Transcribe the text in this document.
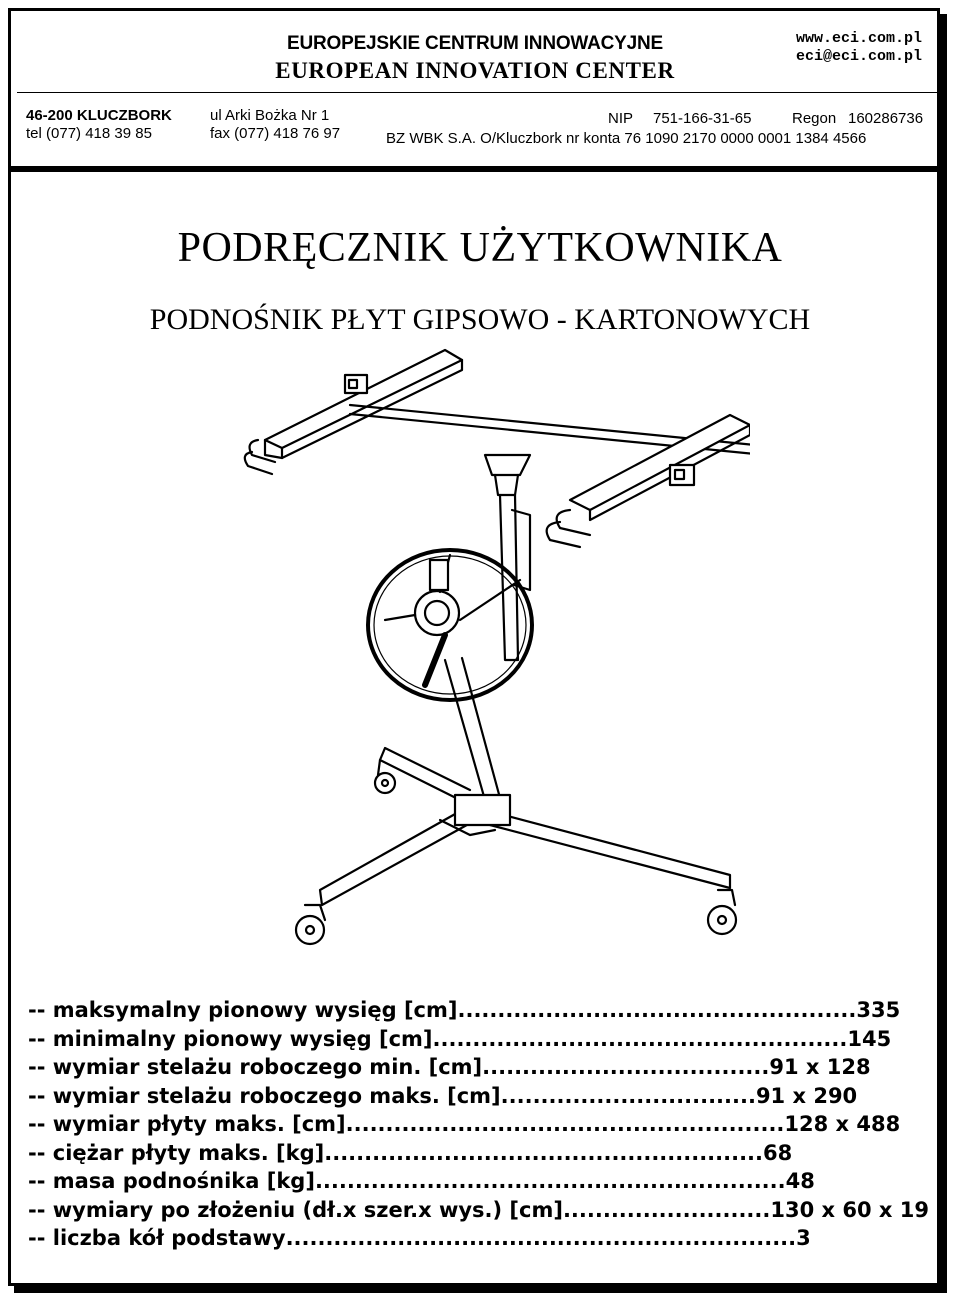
EUROPEJSKIE CENTRUM INNOWACYJNE
EUROPEAN INNOVATION CENTER
www.eci.com.pl
eci@eci.com.pl
46-200 KLUCZBORK
tel (077) 418 39 85
ul Arki Bożka Nr 1
fax (077) 418 76 97
NIP 751-166-31-65	Regon 160286736
BZ WBK S.A. O/Kluczbork nr konta 76 1090 2170 0000 0001 1384 4566
PODRĘCZNIK UŻYTKOWNIKA
PODNOŚNIK PŁYT GIPSOWO - KARTONOWYCH
-- maksymalny pionowy wysięg [cm] .................................................. 335
-- minimalny pionowy wysięg [cm] .................................................... 145
-- wymiar stelażu roboczego min. [cm] .................................... 91 x 128
-- wymiar stelażu roboczego maks. [cm] ................................ 91 x 290
-- wymiar płyty maks. [cm] ....................................................... 128 x 488
-- ciężar płyty maks. [kg] ....................................................... 68
-- masa podnośnika [kg] ........................................................... 48
-- wymiary po złożeniu (dł.x szer.x wys.) [cm] .......................... 130 x 60 x 19
-- liczba kół podstawy ................................................................ 3
